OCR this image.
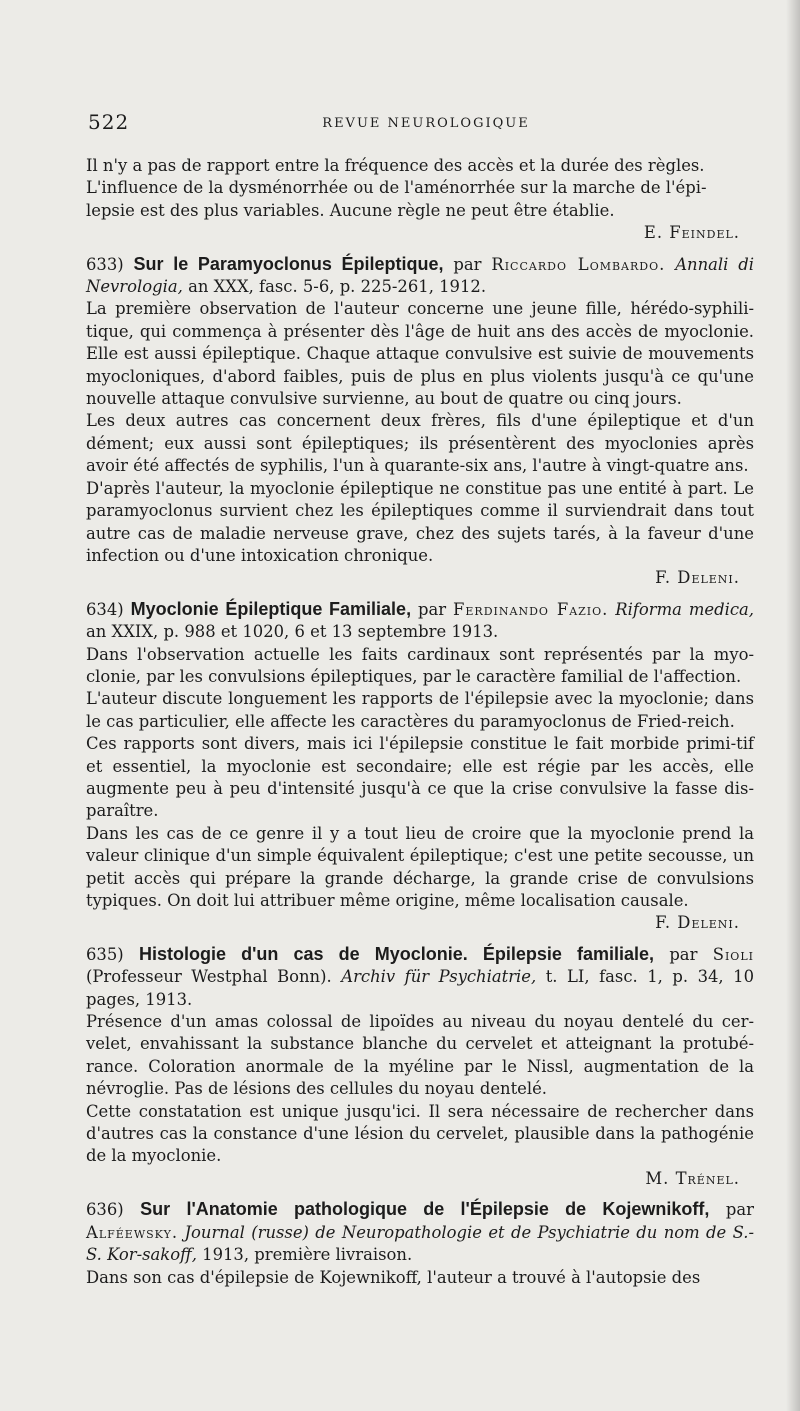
522	REVUE NEUROLOGIQUE

Il n'y a pas de rapport entre la fréquence des accès et la durée des règles.

L'influence de la dysménorrhée ou de l'aménorrhée sur la marche de l'épi-

lepsie est des plus variables. Aucune règle ne peut être établie.

E. Feindel.

633) Sur le Paramyoclonus Épileptique, par Riccardo Lombardo. Annali di Nevrologia, an XXX, fasc. 5-6, p. 225-261, 1912.

La première observation de l'auteur concerne une jeune fille, hérédo-syphili-tique, qui commença à présenter dès l'âge de huit ans des accès de myoclonie. Elle est aussi épileptique. Chaque attaque convulsive est suivie de mouvements myocloniques, d'abord faibles, puis de plus en plus violents jusqu'à ce qu'une nouvelle attaque convulsive survienne, au bout de quatre ou cinq jours.

Les deux autres cas concernent deux frères, fils d'une épileptique et d'un dément; eux aussi sont épileptiques; ils présentèrent des myoclonies après avoir été affectés de syphilis, l'un à quarante-six ans, l'autre à vingt-quatre ans.

D'après l'auteur, la myoclonie épileptique ne constitue pas une entité à part. Le paramyoclonus survient chez les épileptiques comme il surviendrait dans tout autre cas de maladie nerveuse grave, chez des sujets tarés, à la faveur d'une infection ou d'une intoxication chronique.

F. Deleni.

634) Myoclonie Épileptique Familiale, par Ferdinando Fazio. Riforma medica, an XXIX, p. 988 et 1020, 6 et 13 septembre 1913.

Dans l'observation actuelle les faits cardinaux sont représentés par la myo-clonie, par les convulsions épileptiques, par le caractère familial de l'affection.

L'auteur discute longuement les rapports de l'épilepsie avec la myoclonie; dans le cas particulier, elle affecte les caractères du paramyoclonus de Fried-reich.

Ces rapports sont divers, mais ici l'épilepsie constitue le fait morbide primi-tif et essentiel, la myoclonie est secondaire; elle est régie par les accès, elle augmente peu à peu d'intensité jusqu'à ce que la crise convulsive la fasse dis-paraître.

Dans les cas de ce genre il y a tout lieu de croire que la myoclonie prend la valeur clinique d'un simple équivalent épileptique; c'est une petite secousse, un petit accès qui prépare la grande décharge, la grande crise de convulsions typiques. On doit lui attribuer même origine, même localisation causale.

F. Deleni.

635) Histologie d'un cas de Myoclonie. Épilepsie familiale, par Sioli (Professeur Westphal Bonn). Archiv für Psychiatrie, t. LI, fasc. 1, p. 34, 10 pages, 1913.

Présence d'un amas colossal de lipoïdes au niveau du noyau dentelé du cer-velet, envahissant la substance blanche du cervelet et atteignant la protubé-rance. Coloration anormale de la myéline par le Nissl, augmentation de la névroglie. Pas de lésions des cellules du noyau dentelé.

Cette constatation est unique jusqu'ici. Il sera nécessaire de rechercher dans d'autres cas la constance d'une lésion du cervelet, plausible dans la pathogénie de la myoclonie.

M. Trénel.

636) Sur l'Anatomie pathologique de l'Épilepsie de Kojewnikoff, par Alféewsky. Journal (russe) de Neuropathologie et de Psychiatrie du nom de S.-S. Kor-sakoff, 1913, première livraison.

Dans son cas d'épilepsie de Kojewnikoff, l'auteur a trouvé à l'autopsie des
